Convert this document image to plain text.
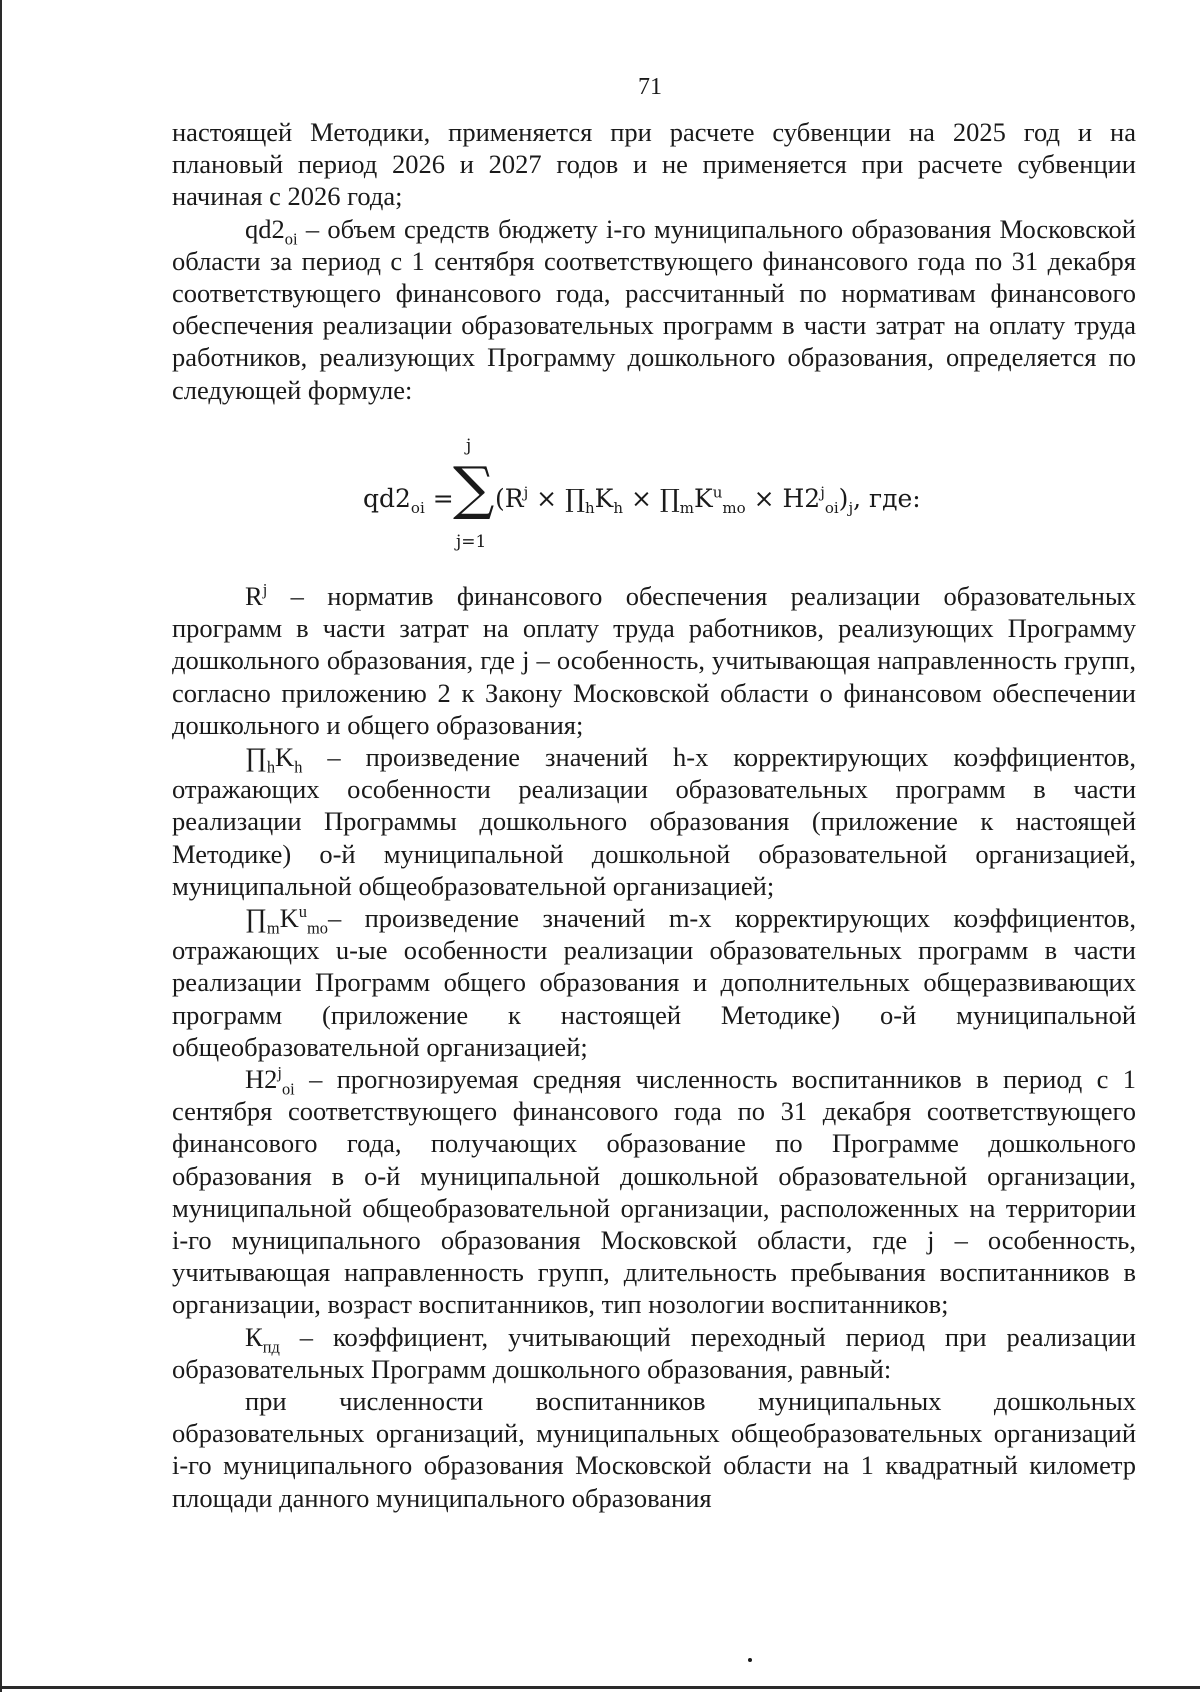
71

настоящей Методики, применяется при расчете субвенции на 2025 год и на плановый период 2026 и 2027 годов и не применяется при расчете субвенции начиная с 2026 года;

$qd2_{oi}$ – объем средств бюджету i-го муниципального образования Московской области за период с 1 сентября соответствующего финансового года по 31 декабря соответствующего финансового года, рассчитанный по нормативам финансового обеспечения реализации образовательных программ в части затрат на оплату труда работников, реализующих Программу дошкольного образования, определяется по следующей формуле:

$qd2_{oi}$ =
j
∑
j=1
($R^j$ × $\prod_hK_h$ × $\prod_mK^u_{mo} \times H2^j_{oi})_j$, где:

$R^j$ – норматив финансового обеспечения реализации образовательных программ в части затрат на оплату труда работников, реализующих Программу дошкольного образования, где j – особенность, учитывающая направленность групп, согласно приложению 2 к Закону Московской области о финансовом обеспечении дошкольного и общего образования;

$\prod_hK_h$ – произведение значений h-х корректирующих коэффициентов, отражающих особенности реализации образовательных программ в части реализации Программы дошкольного образования (приложение к настоящей Методике) о-й муниципальной дошкольной образовательной организацией, муниципальной общеобразовательной организацией;

$\prod_mK^u_{mo}-$ произведение значений m-х корректирующих коэффициентов, отражающих u-ые особенности реализации образовательных программ в части реализации Программ общего образования и дополнительных общеразвивающих программ (приложение к настоящей Методике) о-й муниципальной общеобразовательной организацией;

$H2^j_{oi}$ – прогнозируемая средняя численность воспитанников в период с 1 сентября соответствующего финансового года по 31 декабря соответствующего финансового года, получающих образование по Программе дошкольного образования в о-й муниципальной дошкольной образовательной организации, муниципальной общеобразовательной организации, расположенных на территории i-го муниципального образования Московской области, где j – особенность, учитывающая направленность групп, длительность пребывания воспитанников в организации, возраст воспитанников, тип нозологии воспитанников;

$К_{пд}$ – коэффициент, учитывающий переходный период при реализации образовательных Программ дошкольного образования, равный:

при численности воспитанников муниципальных дошкольных образовательных организаций, муниципальных общеобразовательных организаций i-го муниципального образования Московской области на 1 квадратный километр площади данного муниципального образования
